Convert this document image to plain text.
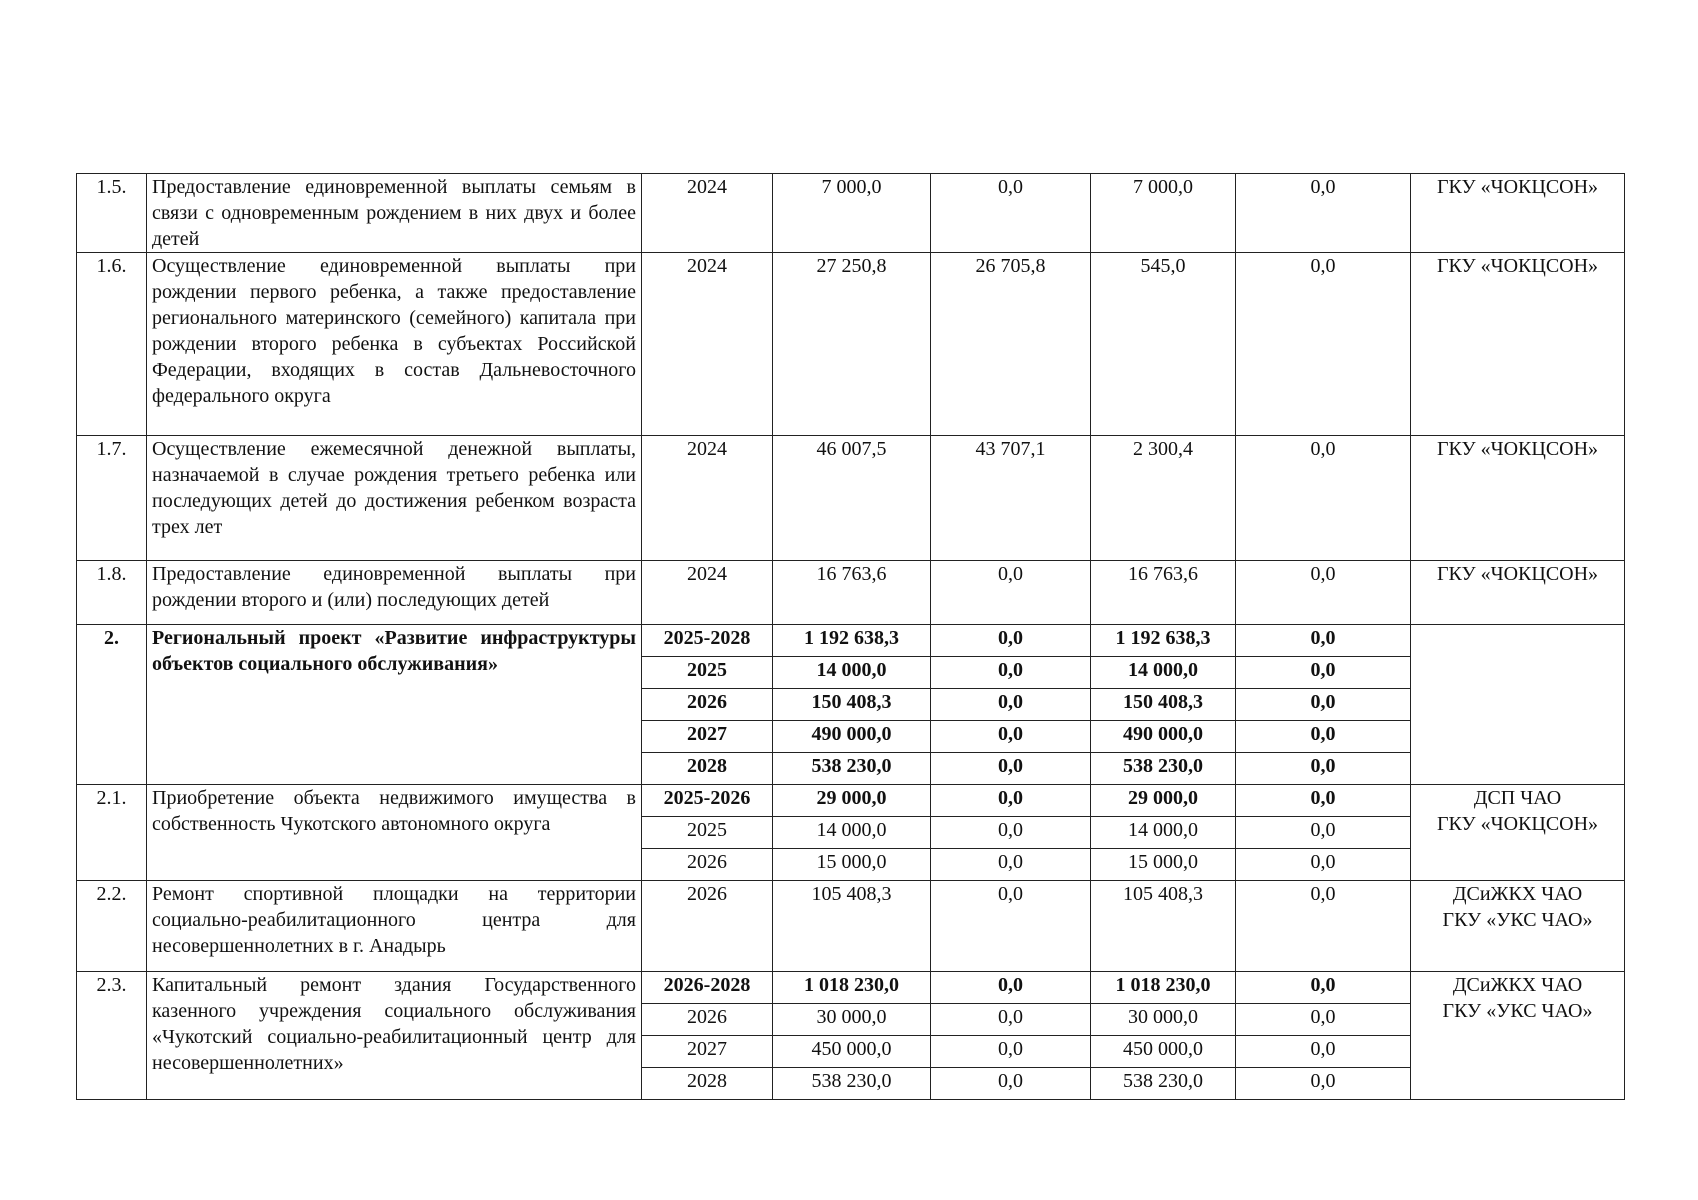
1.5.	Предоставление единовременной выплаты семьям в связи с одновременным рождением в них двух и более детей	2024	7 000,0	0,0	7 000,0	0,0	ГКУ «ЧОКЦСОН»

1.6.	Осуществление единовременной выплаты при рождении первого ребенка, а также предоставление регионального материнского (семейного) капитала при рождении второго ребенка в субъектах Российской Федерации, входящих в состав Дальневосточного федерального округа	2024	27 250,8	26 705,8	545,0	0,0	ГКУ «ЧОКЦСОН»

1.7.	Осуществление ежемесячной денежной выплаты, назначаемой в случае рождения третьего ребенка или последующих детей до достижения ребенком возраста трех лет	2024	46 007,5	43 707,1	2 300,4	0,0	ГКУ «ЧОКЦСОН»

1.8.	Предоставление единовременной выплаты при рождении второго и (или) последующих детей	2024	16 763,6	0,0	16 763,6	0,0	ГКУ «ЧОКЦСОН»

2.	Региональный проект «Развитие инфраструктуры объектов социального обслуживания»	2025-2028	1 192 638,3	0,0	1 192 638,3	0,0	
		2025	14 000,0	0,0	14 000,0	0,0	
		2026	150 408,3	0,0	150 408,3	0,0	
		2027	490 000,0	0,0	490 000,0	0,0	
		2028	538 230,0	0,0	538 230,0	0,0	
2.1.	Приобретение объекта недвижимого имущества в собственность Чукотского автономного округа	2025-2026	29 000,0	0,0	29 000,0	0,0	ДСП ЧАО
ГКУ «ЧОКЦСОН»

		2025	14 000,0	0,0	14 000,0	0,0	
		2026	15 000,0	0,0	15 000,0	0,0	
2.2.	Ремонт спортивной площадки на территории социально-реабилитационного центра для несовершеннолетних в г. Анадырь	2026	105 408,3	0,0	105 408,3	0,0	ДСиЖКХ ЧАО
ГКУ «УКС ЧАО»

2.3.	Капитальный ремонт здания Государственного казенного учреждения социального обслуживания «Чукотский социально-реабилитационный центр для несовершеннолетних»	2026-2028	1 018 230,0	0,0	1 018 230,0	0,0	ДСиЖКХ ЧАО
ГКУ «УКС ЧАО»

		2026	30 000,0	0,0	30 000,0	0,0	
		2027	450 000,0	0,0	450 000,0	0,0	
		2028	538 230,0	0,0	538 230,0	0,0	
